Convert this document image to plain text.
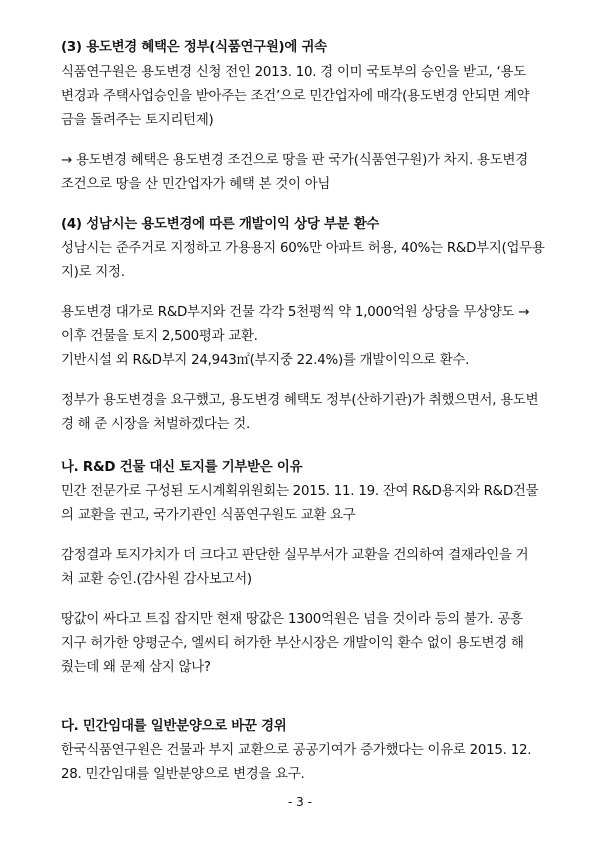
(3) 용도변경 혜택은 정부(식품연구원)에 귀속
식품연구원은 용도변경 신청 전인 2013. 10. 경 이미 국토부의 승인을 받고, ‘용도
변경과 주택사업승인을 받아주는 조건’으로 민간업자에 매각(용도변경 안되면 계약
금을 돌려주는 토지리턴제)
→ 용도변경 혜택은 용도변경 조건으로 땅을 판 국가(식품연구원)가 차지. 용도변경
조건으로 땅을 산 민간업자가 혜택 본 것이 아님
(4) 성남시는 용도변경에 따른 개발이익 상당 부분 환수
성남시는 준주거로 지정하고 가용용지 60%만 아파트 허용, 40%는 R&D부지(업무용
지)로 지정.
용도변경 대가로 R&D부지와 건물 각각 5천평씩 약 1,000억원 상당을 무상양도 →
이후 건물을 토지 2,500평과 교환.
기반시설 외 R&D부지 24,943㎡(부지중 22.4%)를 개발이익으로 환수.
정부가 용도변경을 요구했고, 용도변경 혜택도 정부(산하기관)가 취했으면서, 용도변
경 해 준 시장을 처벌하겠다는 것.
나. R&D 건물 대신 토지를 기부받은 이유
민간 전문가로 구성된 도시계획위원회는 2015. 11. 19. 잔여 R&D용지와 R&D건물
의 교환을 권고, 국가기관인 식품연구원도 교환 요구
감정결과 토지가치가 더 크다고 판단한 실무부서가 교환을 건의하여 결재라인을 거
쳐 교환 승인.(감사원 감사보고서)
땅값이 싸다고 트집 잡지만 현재 땅값은 1300억원은 넘을 것이라 등의 불가. 공흥
지구 허가한 양평군수, 엘씨티 허가한 부산시장은 개발이익 환수 없이 용도변경 해
줬는데 왜 문제 삼지 않나?
다. 민간임대를 일반분양으로 바꾼 경위
한국식품연구원은 건물과 부지 교환으로 공공기여가 증가했다는 이유로 2015. 12.
28. 민간임대를 일반분양으로 변경을 요구.
- 3 -
